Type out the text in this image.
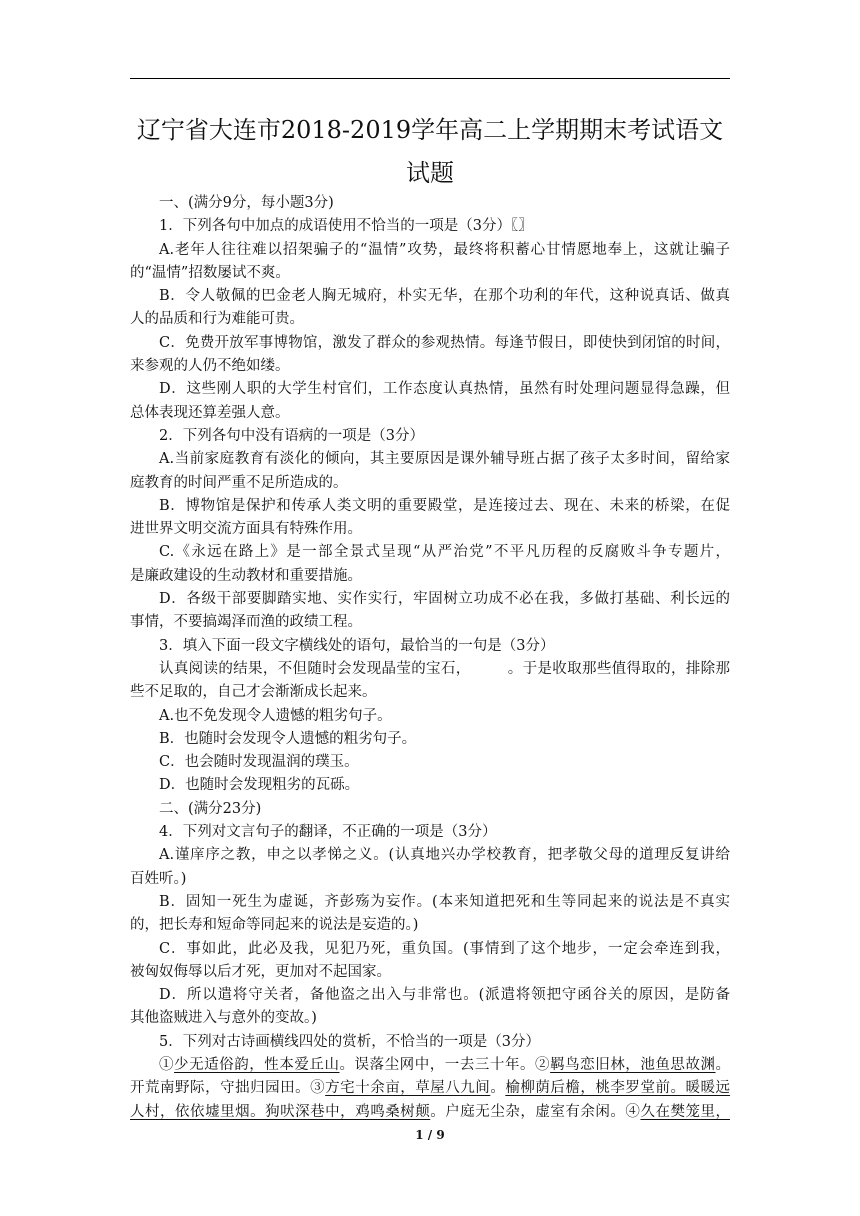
辽宁省大连市2018-2019学年高二上学期期末考试语文
试题
一、(满分9分，每小题3分)
1．下列各句中加点的成语使用不恰当的一项是（3分）〖〗
A.老年人往往难以招架骗子的“温情”攻势，最终将积蓄心甘情愿地奉上，这就让骗子
的“温情”招数屡试不爽。
B．令人敬佩的巴金老人胸无城府，朴实无华，在那个功利的年代，这种说真话、做真
人的品质和行为难能可贵。
C．免费开放军事博物馆，激发了群众的参观热情。每逢节假日，即使快到闭馆的时间，
来参观的人仍不绝如缕。
D．这些刚人职的大学生村官们，工作态度认真热情，虽然有时处理问题显得急躁，但
总体表现还算差强人意。
2．下列各句中没有语病的一项是（3分）
A.当前家庭教育有淡化的倾向，其主要原因是课外辅导班占据了孩子太多时间，留给家
庭教育的时间严重不足所造成的。
B．博物馆是保护和传承人类文明的重要殿堂，是连接过去、现在、未来的桥梁，在促
进世界文明交流方面具有特殊作用。
C.《永远在路上》是一部全景式呈现“从严治党”不平凡历程的反腐败斗争专题片，
是廉政建设的生动教材和重要措施。
D．各级干部要脚踏实地、实作实行，牢固树立功成不必在我，多做打基础、利长远的
事情，不要搞竭泽而渔的政绩工程。
3．填入下面一段文字横线处的语句，最恰当的一句是（3分）
认真阅读的结果，不但随时会发现晶莹的宝石，　　　。于是收取那些值得取的，排除那
些不足取的，自己才会渐渐成长起来。
A.也不免发现令人遗憾的粗劣句子。
B．也随时会发现令人遗憾的粗劣句子。
C．也会随时发现温润的璞玉。
D．也随时会发现粗劣的瓦砾。
二、(满分23分)
4．下列对文言句子的翻译，不正确的一项是（3分）
A.谨庠序之教，申之以孝悌之义。(认真地兴办学校教育，把孝敬父母的道理反复讲给
百姓听。)
B．固知一死生为虚诞，齐彭殇为妄作。(本来知道把死和生等同起来的说法是不真实
的，把长寿和短命等同起来的说法是妄造的。)
C．事如此，此必及我，见犯乃死，重负国。(事情到了这个地步，一定会牵连到我，
被匈奴侮辱以后才死，更加对不起国家。
D．所以遣将守关者，备他盗之出入与非常也。(派遣将领把守函谷关的原因，是防备
其他盗贼进入与意外的变故。)
5．下列对古诗画横线四处的赏析，不恰当的一项是（3分）
①少无适俗韵，性本爱丘山。误落尘网中，一去三十年。②羁鸟恋旧林，池鱼思故渊。
开荒南野际，守拙归园田。③方宅十余亩，草屋八九间。榆柳荫后檐，桃李罗堂前。暖暖远
人村，依依墟里烟。狗吠深巷中，鸡鸣桑树颠。户庭无尘杂，虚室有余闲。④久在樊笼里，
1 / 9
